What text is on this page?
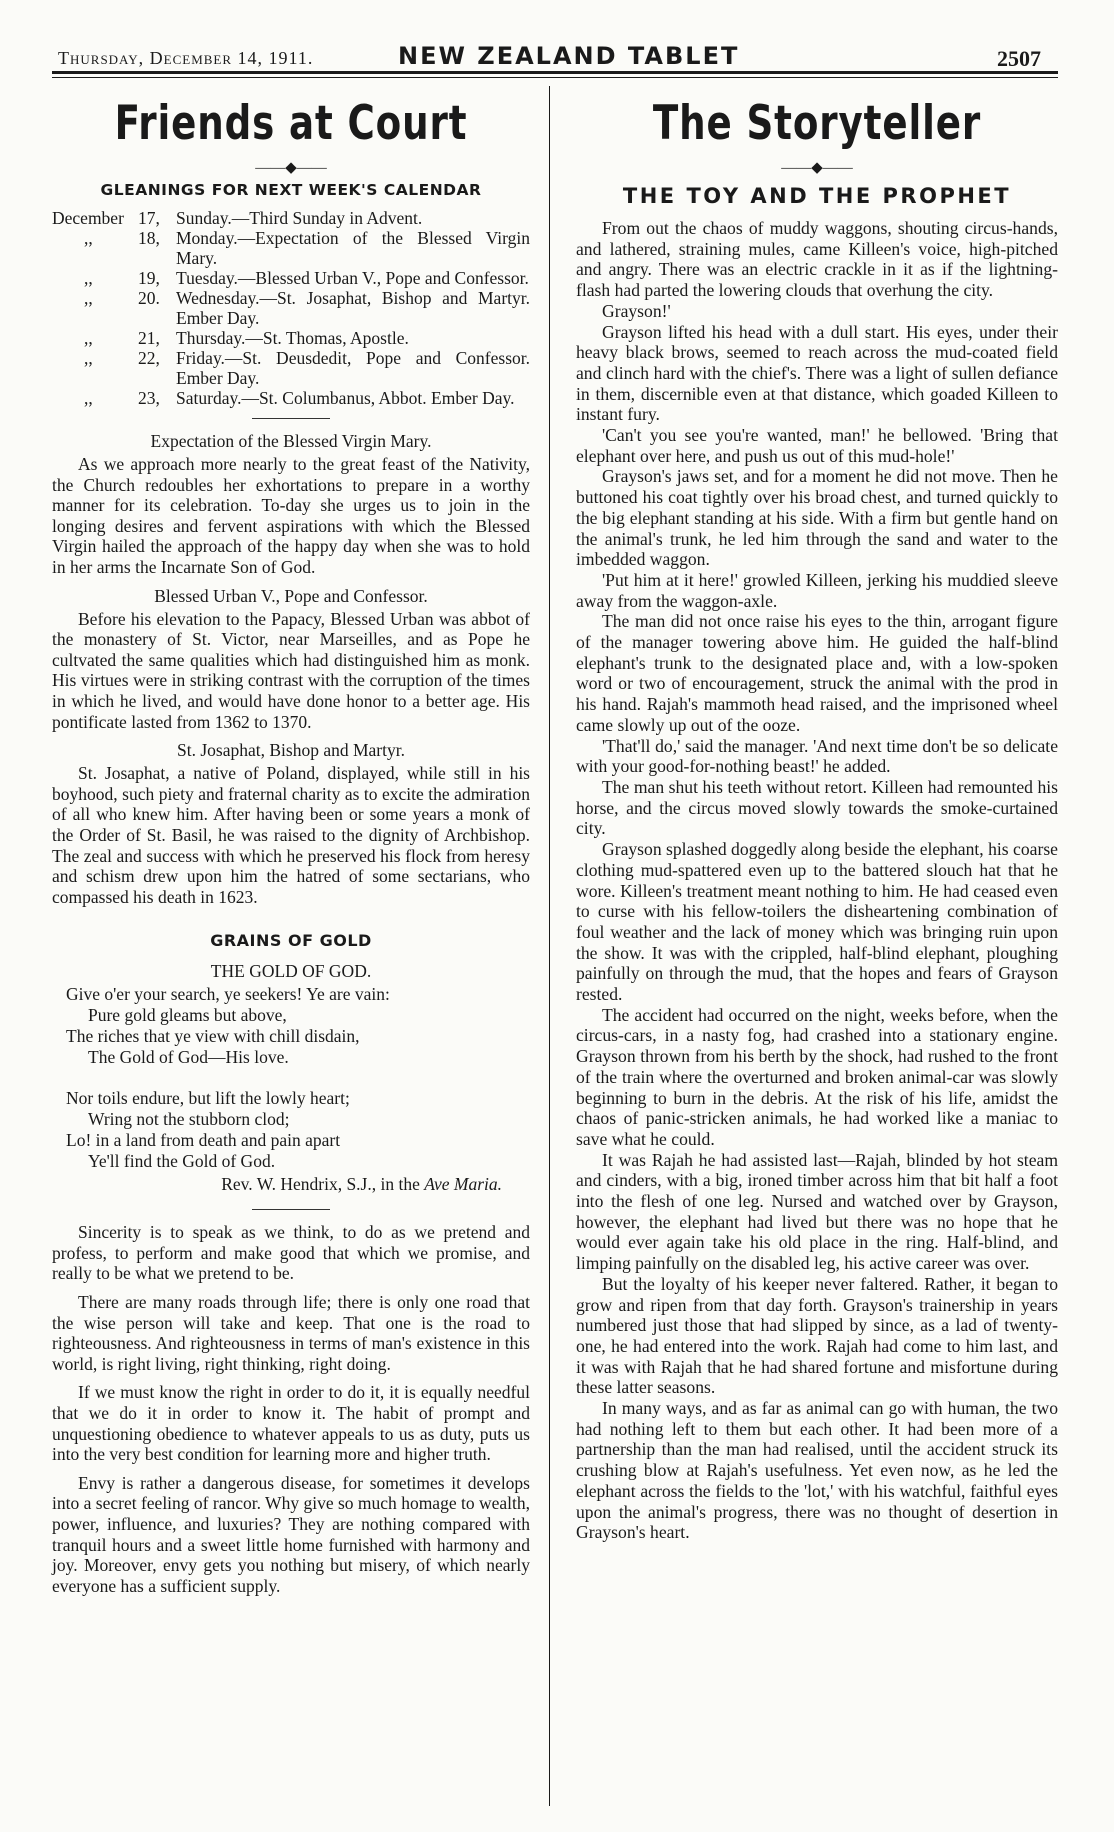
Thursday, December 14, 1911.	NEW ZEALAND TABLET	2507
Friends at Court
——◆——
GLEANINGS FOR NEXT WEEK'S CALENDAR
December 17, Sunday.—Third Sunday in Advent.
,,	18, Monday.—Expectation of the Blessed Virgin Mary.
,,	19, Tuesday.—Blessed Urban V., Pope and Confessor.
,,	20. Wednesday.—St. Josaphat, Bishop and Martyr. Ember Day.
,,	21, Thursday.—St. Thomas, Apostle.
,,	22, Friday.—St. Deusdedit, Pope and Confessor. Ember Day.
,,	23, Saturday.—St. Columbanus, Abbot. Ember Day.
Expectation of the Blessed Virgin Mary.

As we approach more nearly to the great feast of the Nativity, the Church redoubles her exhortations to prepare in a worthy manner for its celebration. To-day she urges us to join in the longing desires and fervent aspirations with which the Blessed Virgin hailed the approach of the happy day when she was to hold in her arms the Incarnate Son of God.

Blessed Urban V., Pope and Confessor.

Before his elevation to the Papacy, Blessed Urban was abbot of the monastery of St. Victor, near Marseilles, and as Pope he cultvated the same qualities which had distinguished him as monk. His virtues were in striking contrast with the corruption of the times in which he lived, and would have done honor to a better age. His pontificate lasted from 1362 to 1370.

St. Josaphat, Bishop and Martyr.

St. Josaphat, a native of Poland, displayed, while still in his boyhood, such piety and fraternal charity as to excite the admiration of all who knew him. After having been or some years a monk of the Order of St. Basil, he was raised to the dignity of Archbishop. The zeal and success with which he preserved his flock from heresy and schism drew upon him the hatred of some sectarians, who compassed his death in 1623.

GRAINS OF GOLD
THE GOLD OF GOD.
Give o'er your search, ye seekers! Ye are vain:
Pure gold gleams but above,
The riches that ye view with chill disdain,
The Gold of God—His love.
Nor toils endure, but lift the lowly heart;
Wring not the stubborn clod;
Lo! in a land from death and pain apart
Ye'll find the Gold of God.
Rev. W. Hendrix, S.J., in the Ave Maria.

Sincerity is to speak as we think, to do as we pretend and profess, to perform and make good that which we promise, and really to be what we pretend to be.

There are many roads through life; there is only one road that the wise person will take and keep. That one is the road to righteousness. And righteousness in terms of man's existence in this world, is right living, right thinking, right doing.

If we must know the right in order to do it, it is equally needful that we do it in order to know it. The habit of prompt and unquestioning obedience to whatever appeals to us as duty, puts us into the very best condition for learning more and higher truth.

Envy is rather a dangerous disease, for sometimes it develops into a secret feeling of rancor. Why give so much homage to wealth, power, influence, and luxuries? They are nothing compared with tranquil hours and a sweet little home furnished with harmony and joy. Moreover, envy gets you nothing but misery, of which nearly everyone has a sufficient supply.

The Storyteller
——◆——
THE TOY AND THE PROPHET

From out the chaos of muddy waggons, shouting circus-hands, and lathered, straining mules, came Killeen's voice, high-pitched and angry. There was an electric crackle in it as if the lightning-flash had parted the lowering clouds that overhung the city.

Grayson!'

Grayson lifted his head with a dull start. His eyes, under their heavy black brows, seemed to reach across the mud-coated field and clinch hard with the chief's. There was a light of sullen defiance in them, discernible even at that distance, which goaded Killeen to instant fury.

'Can't you see you're wanted, man!' he bellowed. 'Bring that elephant over here, and push us out of this mud-hole!'

Grayson's jaws set, and for a moment he did not move. Then he buttoned his coat tightly over his broad chest, and turned quickly to the big elephant standing at his side. With a firm but gentle hand on the animal's trunk, he led him through the sand and water to the imbedded waggon.

'Put him at it here!' growled Killeen, jerking his muddied sleeve away from the waggon-axle.

The man did not once raise his eyes to the thin, arrogant figure of the manager towering above him. He guided the half-blind elephant's trunk to the designated place and, with a low-spoken word or two of encouragement, struck the animal with the prod in his hand. Rajah's mammoth head raised, and the imprisoned wheel came slowly up out of the ooze.

'That'll do,' said the manager. 'And next time don't be so delicate with your good-for-nothing beast!' he added.

The man shut his teeth without retort. Killeen had remounted his horse, and the circus moved slowly towards the smoke-curtained city.

Grayson splashed doggedly along beside the elephant, his coarse clothing mud-spattered even up to the battered slouch hat that he wore. Killeen's treatment meant nothing to him. He had ceased even to curse with his fellow-toilers the disheartening combination of foul weather and the lack of money which was bringing ruin upon the show. It was with the crippled, half-blind elephant, ploughing painfully on through the mud, that the hopes and fears of Grayson rested.

The accident had occurred on the night, weeks before, when the circus-cars, in a nasty fog, had crashed into a stationary engine. Grayson thrown from his berth by the shock, had rushed to the front of the train where the overturned and broken animal-car was slowly beginning to burn in the debris. At the risk of his life, amidst the chaos of panic-stricken animals, he had worked like a maniac to save what he could.

It was Rajah he had assisted last—Rajah, blinded by hot steam and cinders, with a big, ironed timber across him that bit half a foot into the flesh of one leg. Nursed and watched over by Grayson, however, the elephant had lived but there was no hope that he would ever again take his old place in the ring. Half-blind, and limping painfully on the disabled leg, his active career was over.

But the loyalty of his keeper never faltered. Rather, it began to grow and ripen from that day forth. Grayson's trainership in years numbered just those that had slipped by since, as a lad of twenty-one, he had entered into the work. Rajah had come to him last, and it was with Rajah that he had shared fortune and misfortune during these latter seasons.

In many ways, and as far as animal can go with human, the two had nothing left to them but each other. It had been more of a partnership than the man had realised, until the accident struck its crushing blow at Rajah's usefulness. Yet even now, as he led the elephant across the fields to the 'lot,' with his watchful, faithful eyes upon the animal's progress, there was no thought of desertion in Grayson's heart.
